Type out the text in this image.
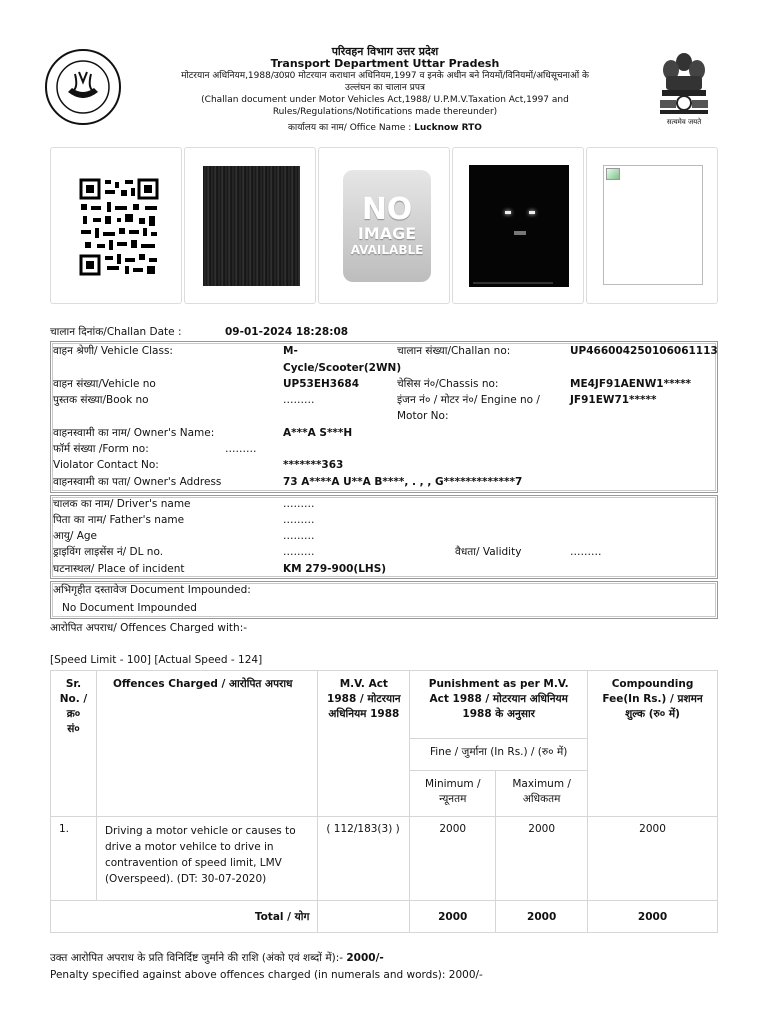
परिवहन विभाग उत्तर प्रदेश
Transport Department Uttar Pradesh
मोटरयान अधिनियम,1988/उ0प्र0 मोटरयान कराधान अधिनियम,1997 व इनके अधीन बने नियमों/विनियमों/अधिसूचनाओं के उल्लंघन का चालान प्रपत्र
(Challan document under Motor Vehicles Act,1988/ U.P.M.V.Taxation Act,1997 and Rules/Regulations/Notifications made thereunder)
कार्यालय का नाम/ Office Name : Lucknow RTO
सत्यमेव जयते
NO
IMAGE
AVAILABLE
चालान दिनांक/Challan Date :	09-01-2024 18:28:08
वाहन श्रेणी/ Vehicle Class:	M-
Cycle/Scooter(2WN)
चालान संख्या/Challan no:	UP466004250106061113
वाहन संख्या/Vehicle no	UP53EH3684	चेसिस नं०/Chassis no:	ME4JF91AENW1*****
पुस्तक संख्या/Book no	………	इंजन नं० / मोटर नं०/ Engine no /
Motor No:
JF91EW71*****
वाहनस्वामी का नाम/ Owner's Name:	A***A S***H
फॉर्म संख्या /Form no:	………
Violator Contact No:	*******363
वाहनस्वामी का पता/ Owner's Address	73 A****A U**A B****, . , , G*************7
चालक का नाम/ Driver's name	………
पिता का नाम/ Father's name	………
आयु/ Age	………
ड्राइविंग लाइसेंस नं/ DL no.	………	वैधता/ Validity	………
घटनास्थल/ Place of incident	KM 279-900(LHS)
अभिगृहीत दस्तावेज Document Impounded:
No Document Impounded
आरोपित अपराध/ Offences Charged with:-
[Speed Limit - 100] [Actual Speed - 124]
Sr. No. / क्र० सं०	Offences Charged / आरोपित अपराध	M.V. Act 1988 / मोटरयान अधिनियम 1988	Punishment as per M.V. Act 1988 / मोटरयान अधिनियम 1988 के अनुसार		Compounding Fee(In Rs.) / प्रशमन शुल्क (रु० में)
			Fine / जुर्माना (In Rs.) / (रु० में)		
			Minimum / न्यूनतम	Maximum / अधिकतम	
1.	Driving a motor vehicle or causes to drive a motor vehilce to drive in contravention of speed limit, LMV (Overspeed). (DT: 30-07-2020)	( 112/183(3) )	2000	2000	2000
Total / योग			2000	2000	2000
उक्त आरोपित अपराध के प्रति विनिर्दिष्ट जुर्माने की राशि (अंको एवं शब्दों में):- 2000/-
Penalty specified against above offences charged (in numerals and words): 2000/-
